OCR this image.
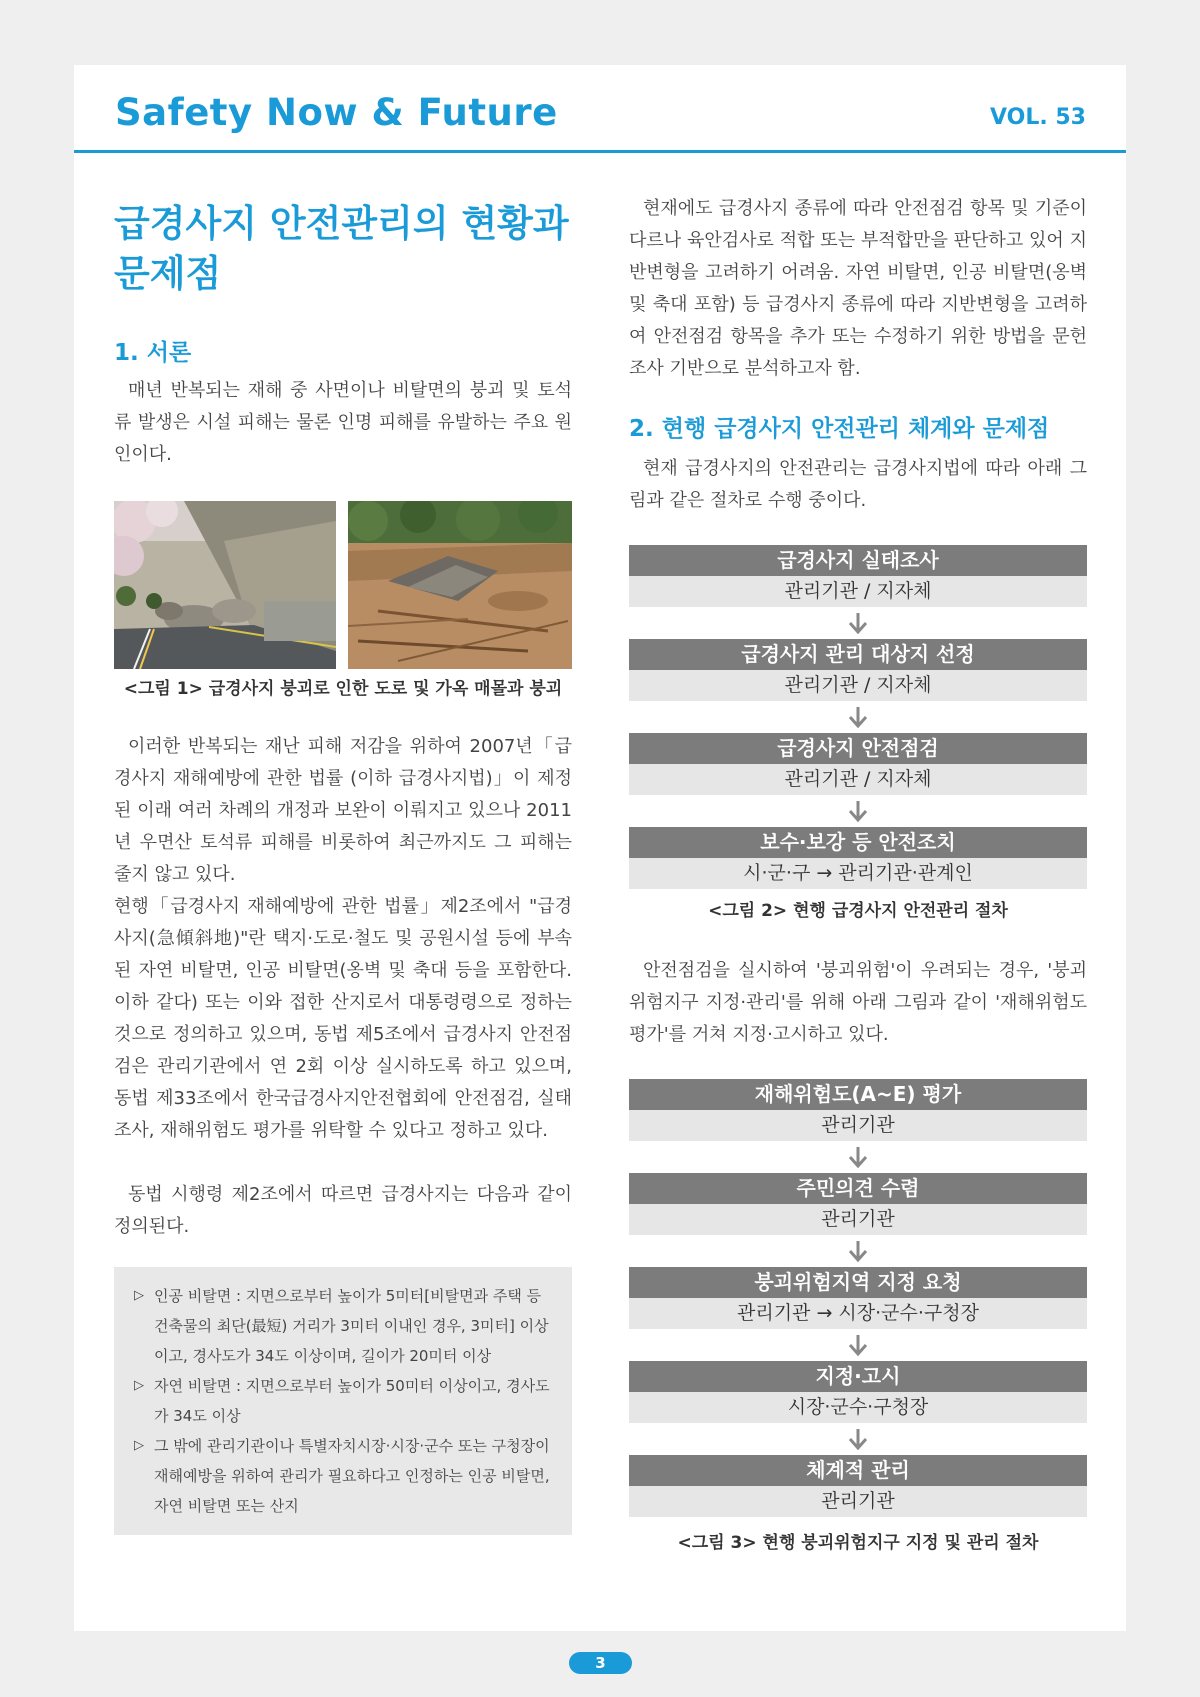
Safety Now & Future	VOL. 53
급경사지 안전관리의 현황과
문제점
1. 서론
매년 반복되는 재해 중 사면이나 비탈면의 붕괴 및 토석류 발생은 시설 피해는 물론 인명 피해를 유발하는 주요 원인이다.
<그림 1> 급경사지 붕괴로 인한 도로 및 가옥 매몰과 붕괴
이러한 반복되는 재난 피해 저감을 위하여 2007년「급경사지 재해예방에 관한 법률 (이하 급경사지법)」이 제정된 이래 여러 차례의 개정과 보완이 이뤄지고 있으나 2011년 우면산 토석류 피해를 비롯하여 최근까지도 그 피해는 줄지 않고 있다.
현행「급경사지 재해예방에 관한 법률」제2조에서 "급경사지(急傾斜地)"란 택지·도로·철도 및 공원시설 등에 부속된 자연 비탈면, 인공 비탈면(옹벽 및 축대 등을 포함한다. 이하 같다) 또는 이와 접한 산지로서 대통령령으로 정하는 것으로 정의하고 있으며, 동법 제5조에서 급경사지 안전점검은 관리기관에서 연 2회 이상 실시하도록 하고 있으며, 동법 제33조에서 한국급경사지안전협회에 안전점검, 실태조사, 재해위험도 평가를 위탁할 수 있다고 정하고 있다.
동법 시행령 제2조에서 따르면 급경사지는 다음과 같이 정의된다.
▷ 인공 비탈면 : 지면으로부터 높이가 5미터[비탈면과 주택 등 건축물의 최단(最短) 거리가 3미터 이내인 경우, 3미터] 이상이고, 경사도가 34도 이상이며, 길이가 20미터 이상
▷ 자연 비탈면 : 지면으로부터 높이가 50미터 이상이고, 경사도가 34도 이상
▷ 그 밖에 관리기관이나 특별자치시장·시장·군수 또는 구청장이 재해예방을 위하여 관리가 필요하다고 인정하는 인공 비탈면, 자연 비탈면 또는 산지
현재에도 급경사지 종류에 따라 안전점검 항목 및 기준이 다르나 육안검사로 적합 또는 부적합만을 판단하고 있어 지반변형을 고려하기 어려움. 자연 비탈면, 인공 비탈면(옹벽 및 축대 포함) 등 급경사지 종류에 따라 지반변형을 고려하여 안전점검 항목을 추가 또는 수정하기 위한 방법을 문헌 조사 기반으로 분석하고자 함.
2. 현행 급경사지 안전관리 체계와 문제점
현재 급경사지의 안전관리는 급경사지법에 따라 아래 그림과 같은 절차로 수행 중이다.
급경사지 실태조사
관리기관 / 지자체
급경사지 관리 대상지 선정
관리기관 / 지자체
급경사지 안전점검
관리기관 / 지자체
보수·보강 등 안전조치
시·군·구 → 관리기관·관계인
<그림 2> 현행 급경사지 안전관리 절차
안전점검을 실시하여 '붕괴위험'이 우려되는 경우, '붕괴위험지구 지정·관리'를 위해 아래 그림과 같이 '재해위험도 평가'를 거쳐 지정·고시하고 있다.
재해위험도(A~E) 평가
관리기관
주민의견 수렴
관리기관
붕괴위험지역 지정 요청
관리기관 → 시장·군수·구청장
지정·고시
시장·군수·구청장
체계적 관리
관리기관
<그림 3> 현행 붕괴위험지구 지정 및 관리 절차
3
